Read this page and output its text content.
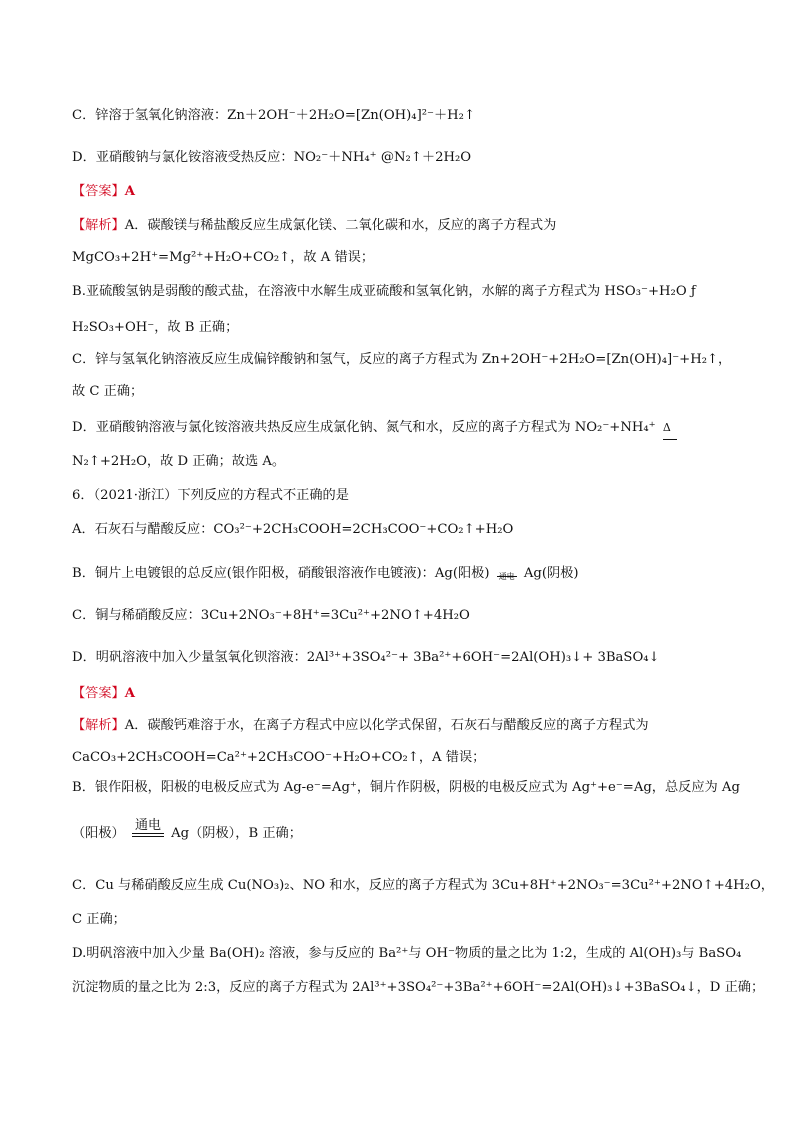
C．锌溶于氢氧化钠溶液：Zn＋2OH⁻＋2H₂O=[Zn(OH)₄]²⁻＋H₂↑
D．亚硝酸钠与氯化铵溶液受热反应：NO₂⁻＋NH₄⁺ @N₂↑＋2H₂O
【答案】A
【解析】A．碳酸镁与稀盐酸反应生成氯化镁、二氧化碳和水，反应的离子方程式为
MgCO₃+2H⁺=Mg²⁺+H₂O+CO₂↑，故 A 错误；
B.亚硫酸氢钠是弱酸的酸式盐，在溶液中水解生成亚硫酸和氢氧化钠，水解的离子方程式为 HSO₃⁻+H₂O ƒ
H₂SO₃+OH⁻，故 B 正确；
C．锌与氢氧化钠溶液反应生成偏锌酸钠和氢气，反应的离子方程式为 Zn+2OH⁻+2H₂O=[Zn(OH)₄]⁻+H₂↑，
故 C 正确；
D．亚硝酸钠溶液与氯化铵溶液共热反应生成氯化钠、氮气和水，反应的离子方程式为 NO₂⁻+NH₄⁺ Δ
N₂↑+2H₂O，故 D 正确；故选 A。
6．（2021·浙江）下列反应的方程式不正确的是
A．石灰石与醋酸反应：CO₃²⁻+2CH₃COOH=2CH₃COO⁻+CO₂↑+H₂O
B．铜片上电镀银的总反应(银作阳极，硝酸银溶液作电镀液)：Ag(阳极) 通电 Ag(阴极)
C．铜与稀硝酸反应：3Cu+2NO₃⁻+8H⁺=3Cu²⁺+2NO↑+4H₂O
D．明矾溶液中加入少量氢氧化钡溶液：2Al³⁺+3SO₄²⁻+ 3Ba²⁺+6OH⁻=2Al(OH)₃↓+ 3BaSO₄↓
【答案】A
【解析】A．碳酸钙难溶于水，在离子方程式中应以化学式保留，石灰石与醋酸反应的离子方程式为
CaCO₃+2CH₃COOH=Ca²⁺+2CH₃COO⁻+H₂O+CO₂↑，A 错误；
B．银作阳极，阳极的电极反应式为 Ag-e⁻=Ag⁺，铜片作阴极，阴极的电极反应式为 Ag⁺+e⁻=Ag，总反应为 Ag
（阳极）
通电
Ag（阴极），B 正确；
C．Cu 与稀硝酸反应生成 Cu(NO₃)₂、NO 和水，反应的离子方程式为 3Cu+8H⁺+2NO₃⁻=3Cu²⁺+2NO↑+4H₂O，
C 正确；
D.明矾溶液中加入少量 Ba(OH)₂ 溶液，参与反应的 Ba²⁺与 OH⁻物质的量之比为 1:2，生成的 Al(OH)₃与 BaSO₄
沉淀物质的量之比为 2:3，反应的离子方程式为 2Al³⁺+3SO₄²⁻+3Ba²⁺+6OH⁻=2Al(OH)₃↓+3BaSO₄↓，D 正确；
